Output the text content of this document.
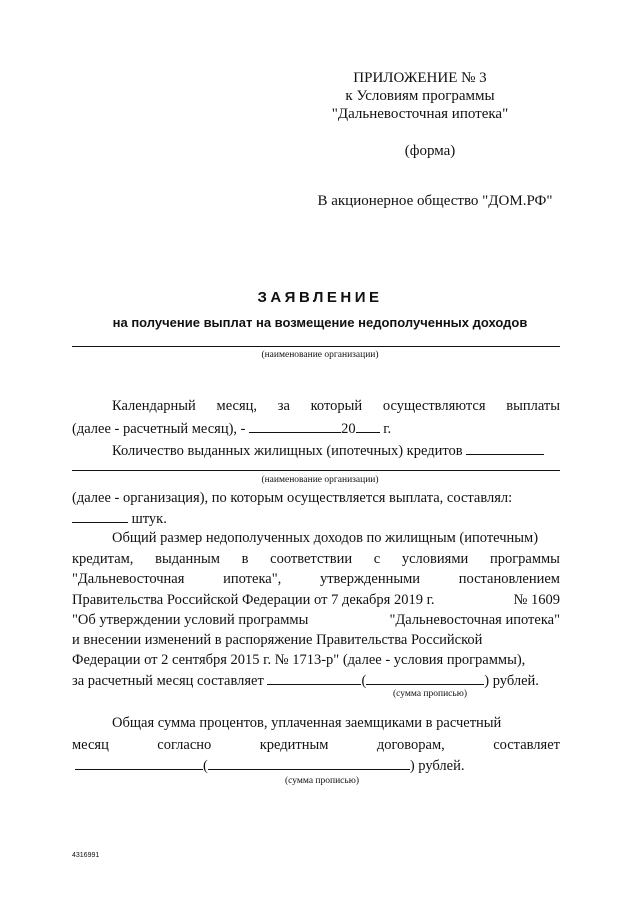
ПРИЛОЖЕНИЕ № 3
к Условиям программы
"Дальневосточная ипотека"
(форма)
В акционерное общество "ДОМ.РФ"
ЗАЯВЛЕНИЕ
на получение выплат на возмещение недополученных доходов
(наименование организации)
Календарный месяц, за который осуществляются выплаты
(далее - расчетный месяц), -	20 г.
Количество выданных жилищных (ипотечных) кредитов
(наименование организации)
(далее - организация), по которым осуществляется выплата, составлял:
штук.
Общий размер недополученных доходов по жилищным (ипотечным)
кредитам, выданным в соответствии с условиями программы
"Дальневосточная	ипотека",	утвержденными	постановлением
Правительства Российской Федерации от 7 декабря 2019 г.	№ 1609
"Об утверждении условий программы	"Дальневосточная ипотека"
и внесении изменений в распоряжение Правительства Российской
Федерации от 2 сентября 2015 г. № 1713-р" (далее - условия программы),
за расчетный месяц составляет	(	) рублей.
(сумма прописью)
Общая сумма процентов, уплаченная заемщиками в расчетный
месяц	согласно	кредитным	договорам,	составляет
(	) рублей.
(сумма прописью)
4316991
